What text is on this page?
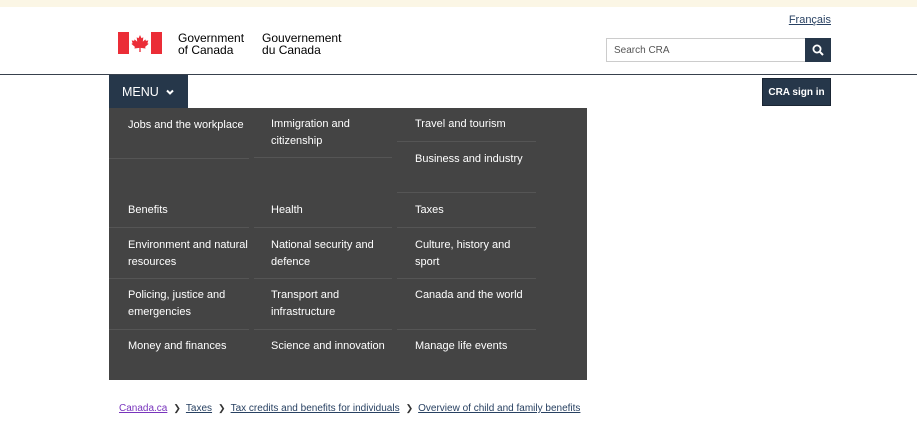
Français
Government
of Canada
Gouvernement
du Canada
Search CRA
MENU	CRA sign in
Jobs and the workplace
Benefits
Environment and natural resources
Policing, justice and emergencies
Money and finances
Immigration and citizenship
Health
National security and defence
Transport and infrastructure
Science and innovation
Travel and tourism
Business and industry
Taxes
Culture, history and sport
Canada and the world
Manage life events
Canada.ca ❯ Taxes ❯ Tax credits and benefits for individuals ❯ Overview of child and family benefits
